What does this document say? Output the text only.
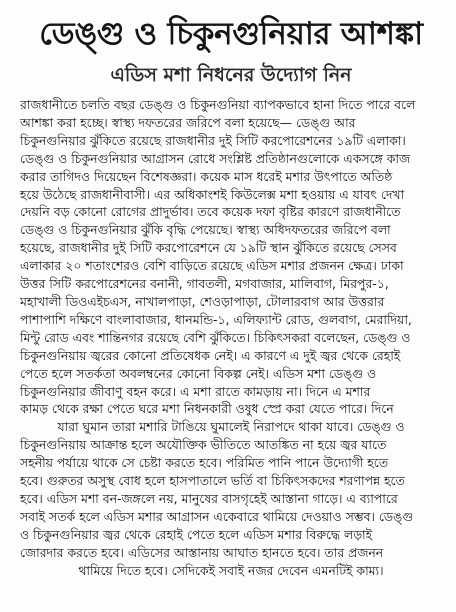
ডেঙ্গু ও চিকুনগুনিয়ার আশঙ্কা
এডিস মশা নিধনের উদ্যোগ নিন
রাজধানীতে চলতি বছর ডেঙ্গু ও চিকুনগুনিয়া ব্যাপকভাবে হানা দিতে পারে বলে
আশঙ্কা করা হচ্ছে। স্বাস্থ্য দফতরের জরিপে বলা হয়েছে— ডেঙ্গু আর
চিকুনগুনিয়ার ঝুঁকিতে রয়েছে রাজধানীর দুই সিটি করপোরেশনের ১৯টি এলাকা।
ডেঙ্গু ও চিকুনগুনিয়ার আগ্রাসন রোধে সংশ্লিষ্ট প্রতিষ্ঠানগুলোকে একসঙ্গে কাজ
করার তাগিদও দিয়েছেন বিশেষজ্ঞরা। কয়েক মাস ধরেই মশার উৎপাতে অতিষ্ঠ
হয়ে উঠেছে রাজধানীবাসী। এর অধিকাংশই কিউলেক্স মশা হওয়ায় এ যাবৎ দেখা
দেয়নি বড় কোনো রোগের প্রাদুর্ভাব। তবে কয়েক দফা বৃষ্টির কারণে রাজধানীতে
ডেঙ্গু ও চিকুনগুনিয়ার ঝুঁকি বৃদ্ধি পেয়েছে। স্বাস্থ্য অধিদফতরের জরিপে বলা
হয়েছে, রাজধানীর দুই সিটি করপোরেশনে যে ১৯টি স্থান ঝুঁকিতে রয়েছে সেসব
এলাকার ২০ শতাংশেরও বেশি বাড়িতে রয়েছে এডিস মশার প্রজনন ক্ষেত্র। ঢাকা
উত্তর সিটি করপোরেশনের বনানী, গাবতলী, মগবাজার, মালিবাগ, মিরপুর-১,
মহাখালী ডিওএইচএস, নাখালপাড়া, শেওড়াপাড়া, টোলারবাগ আর উত্তরার
পাশাপাশি দক্ষিণে বাংলাবাজার, ধানমন্ডি-১, এলিফ্যান্ট রোড, গুলবাগ, মেরাদিয়া,
মিন্টু রোড এবং শান্তিনগর রয়েছে বেশি ঝুঁকিতে। চিকিৎসকরা বলেছেন, ডেঙ্গু ও
চিকুনগুনিয়ায় জ্বরের কোনো প্রতিষেধক নেই। এ কারণে এ দুই জ্বর থেকে রেহাই
পেতে হলে সতর্কতা অবলম্বনের কোনো বিকল্প নেই। এডিস মশা ডেঙ্গু ও
চিকুনগুনিয়ার জীবাণু বহন করে। এ মশা রাতে কামড়ায় না। দিনে এ মশার
কামড় থেকে রক্ষা পেতে ঘরে মশা নিধনকারী ওষুধ স্প্রে করা যেতে পারে। দিনে
যারা ঘুমান তারা মশারি টাঙিয়ে ঘুমালেই নিরাপদে থাকা যাবে। ডেঙ্গু ও
চিকুনগুনিয়ায় আক্রান্ত হলে অযৌক্তিক ভীতিতে আতঙ্কিত না হয়ে জ্বর যাতে
সহনীয় পর্যায়ে থাকে সে চেষ্টা করতে হবে। পরিমিত পানি পানে উদ্যোগী হতে
হবে। গুরুতর অসুস্থ বোধ হলে হাসপাতালে ভর্তি বা চিকিৎসকদের শরণাপন্ন হতে
হবে। এডিস মশা বন-জঙ্গলে নয়, মানুষের বাসগৃহেই আস্তানা গাড়ে। এ ব্যাপারে
সবাই সতর্ক হলে এডিস মশার আগ্রাসন একেবারে থামিয়ে দেওয়াও সম্ভব। ডেঙ্গু
ও চিকুনগুনিয়ার জ্বর থেকে রেহাই পেতে হলে এডিস মশার বিরুদ্ধে লড়াই
জোরদার করতে হবে। এডিসের আস্তানায় আঘাত হানতে হবে। তার প্রজনন
থামিয়ে দিতে হবে। সেদিকেই সবাই নজর দেবেন এমনটিই কাম্য।
